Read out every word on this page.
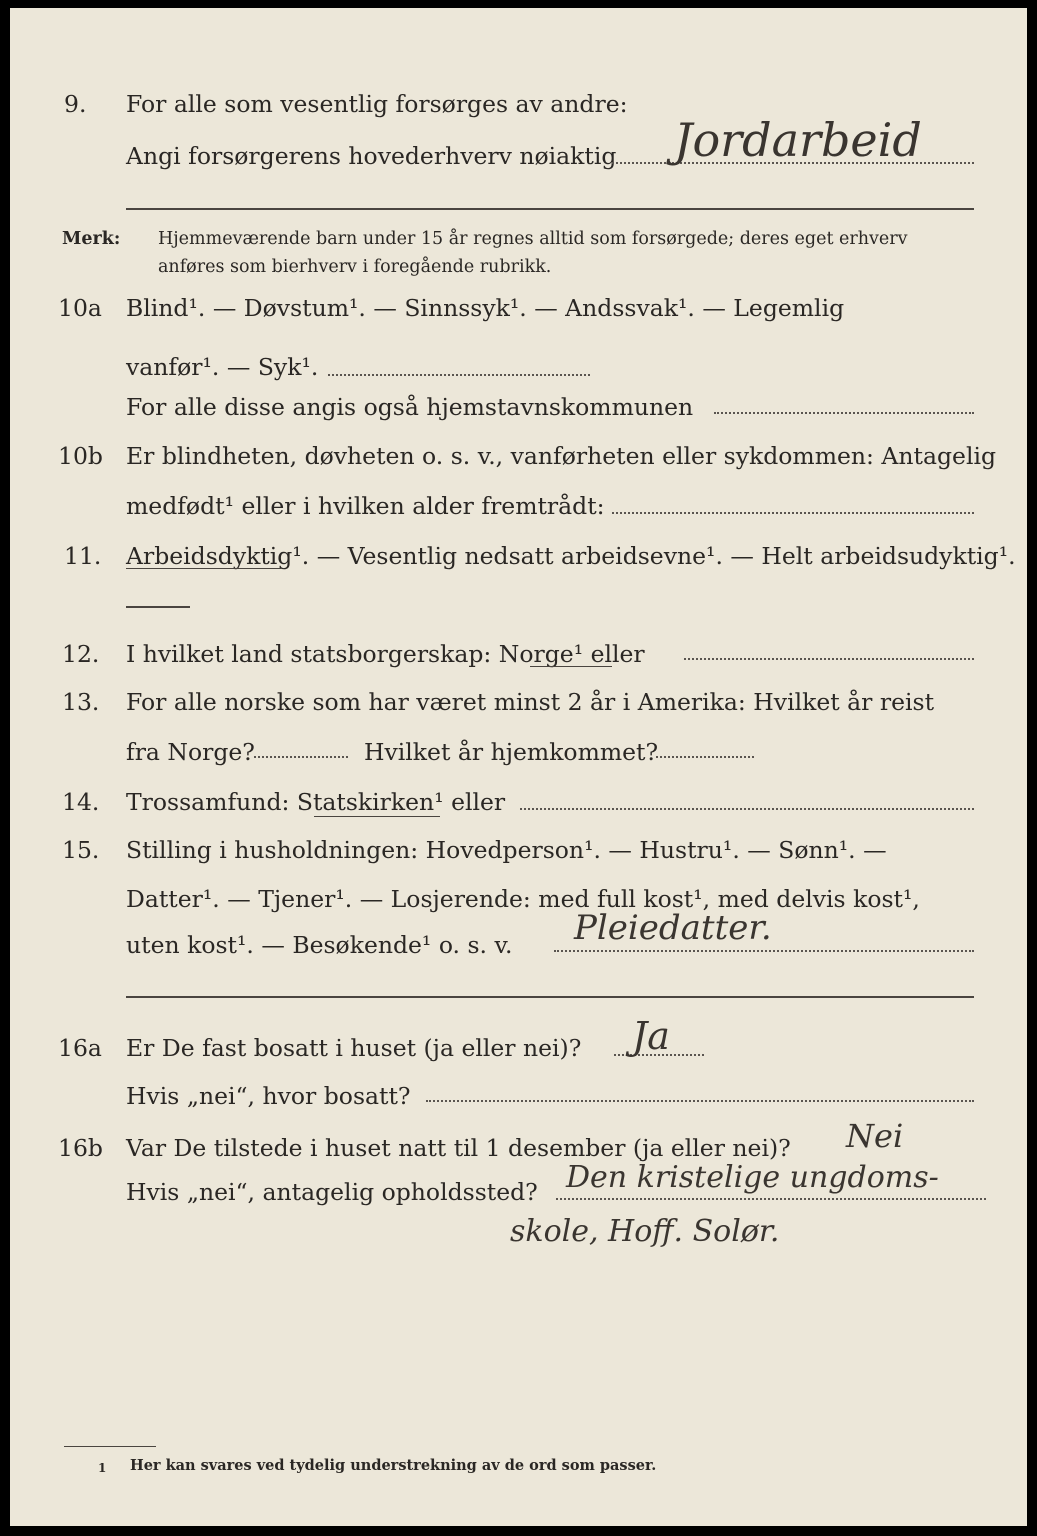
9. For alle som vesentlig forsørges av andre:
Angi forsørgerens hovederhverv nøiaktig Jordarbeid
Merk: Hjemmeværende barn under 15 år regnes alltid som forsørgede; deres eget erhverv
anføres som bierhverv i foregående rubrikk.
10a Blind¹. — Døvstum¹. — Sinnssyk¹. — Andssvak¹. — Legemlig
vanfør¹. — Syk¹.
For alle disse angis også hjemstavnskommunen
10b Er blindheten, døvheten o. s. v., vanførheten eller sykdommen: Antagelig
medfødt¹ eller i hvilken alder fremtrådt:
11. Arbeidsdyktig¹. — Vesentlig nedsatt arbeidsevne¹. — Helt arbeidsudyktig¹.
12. I hvilket land statsborgerskap: Norge¹ eller
13. For alle norske som har været minst 2 år i Amerika: Hvilket år reist
fra Norge?	Hvilket år hjemkommet?
14. Trossamfund: Statskirken¹ eller
15. Stilling i husholdningen: Hovedperson¹. — Hustru¹. — Sønn¹. —
Datter¹. — Tjener¹. — Losjerende: med full kost¹, med delvis kost¹,
uten kost¹. — Besøkende¹ o. s. v. Pleiedatter.
16a Er De fast bosatt i huset (ja eller nei)? Ja
Hvis „nei“, hvor bosatt?
16b Var De tilstede i huset natt til 1 desember (ja eller nei)? Nei
Hvis „nei“, antagelig opholdssted? Den kristelige ungdoms-
skole, Hoff. Solør.
1 Her kan svares ved tydelig understrekning av de ord som passer.
